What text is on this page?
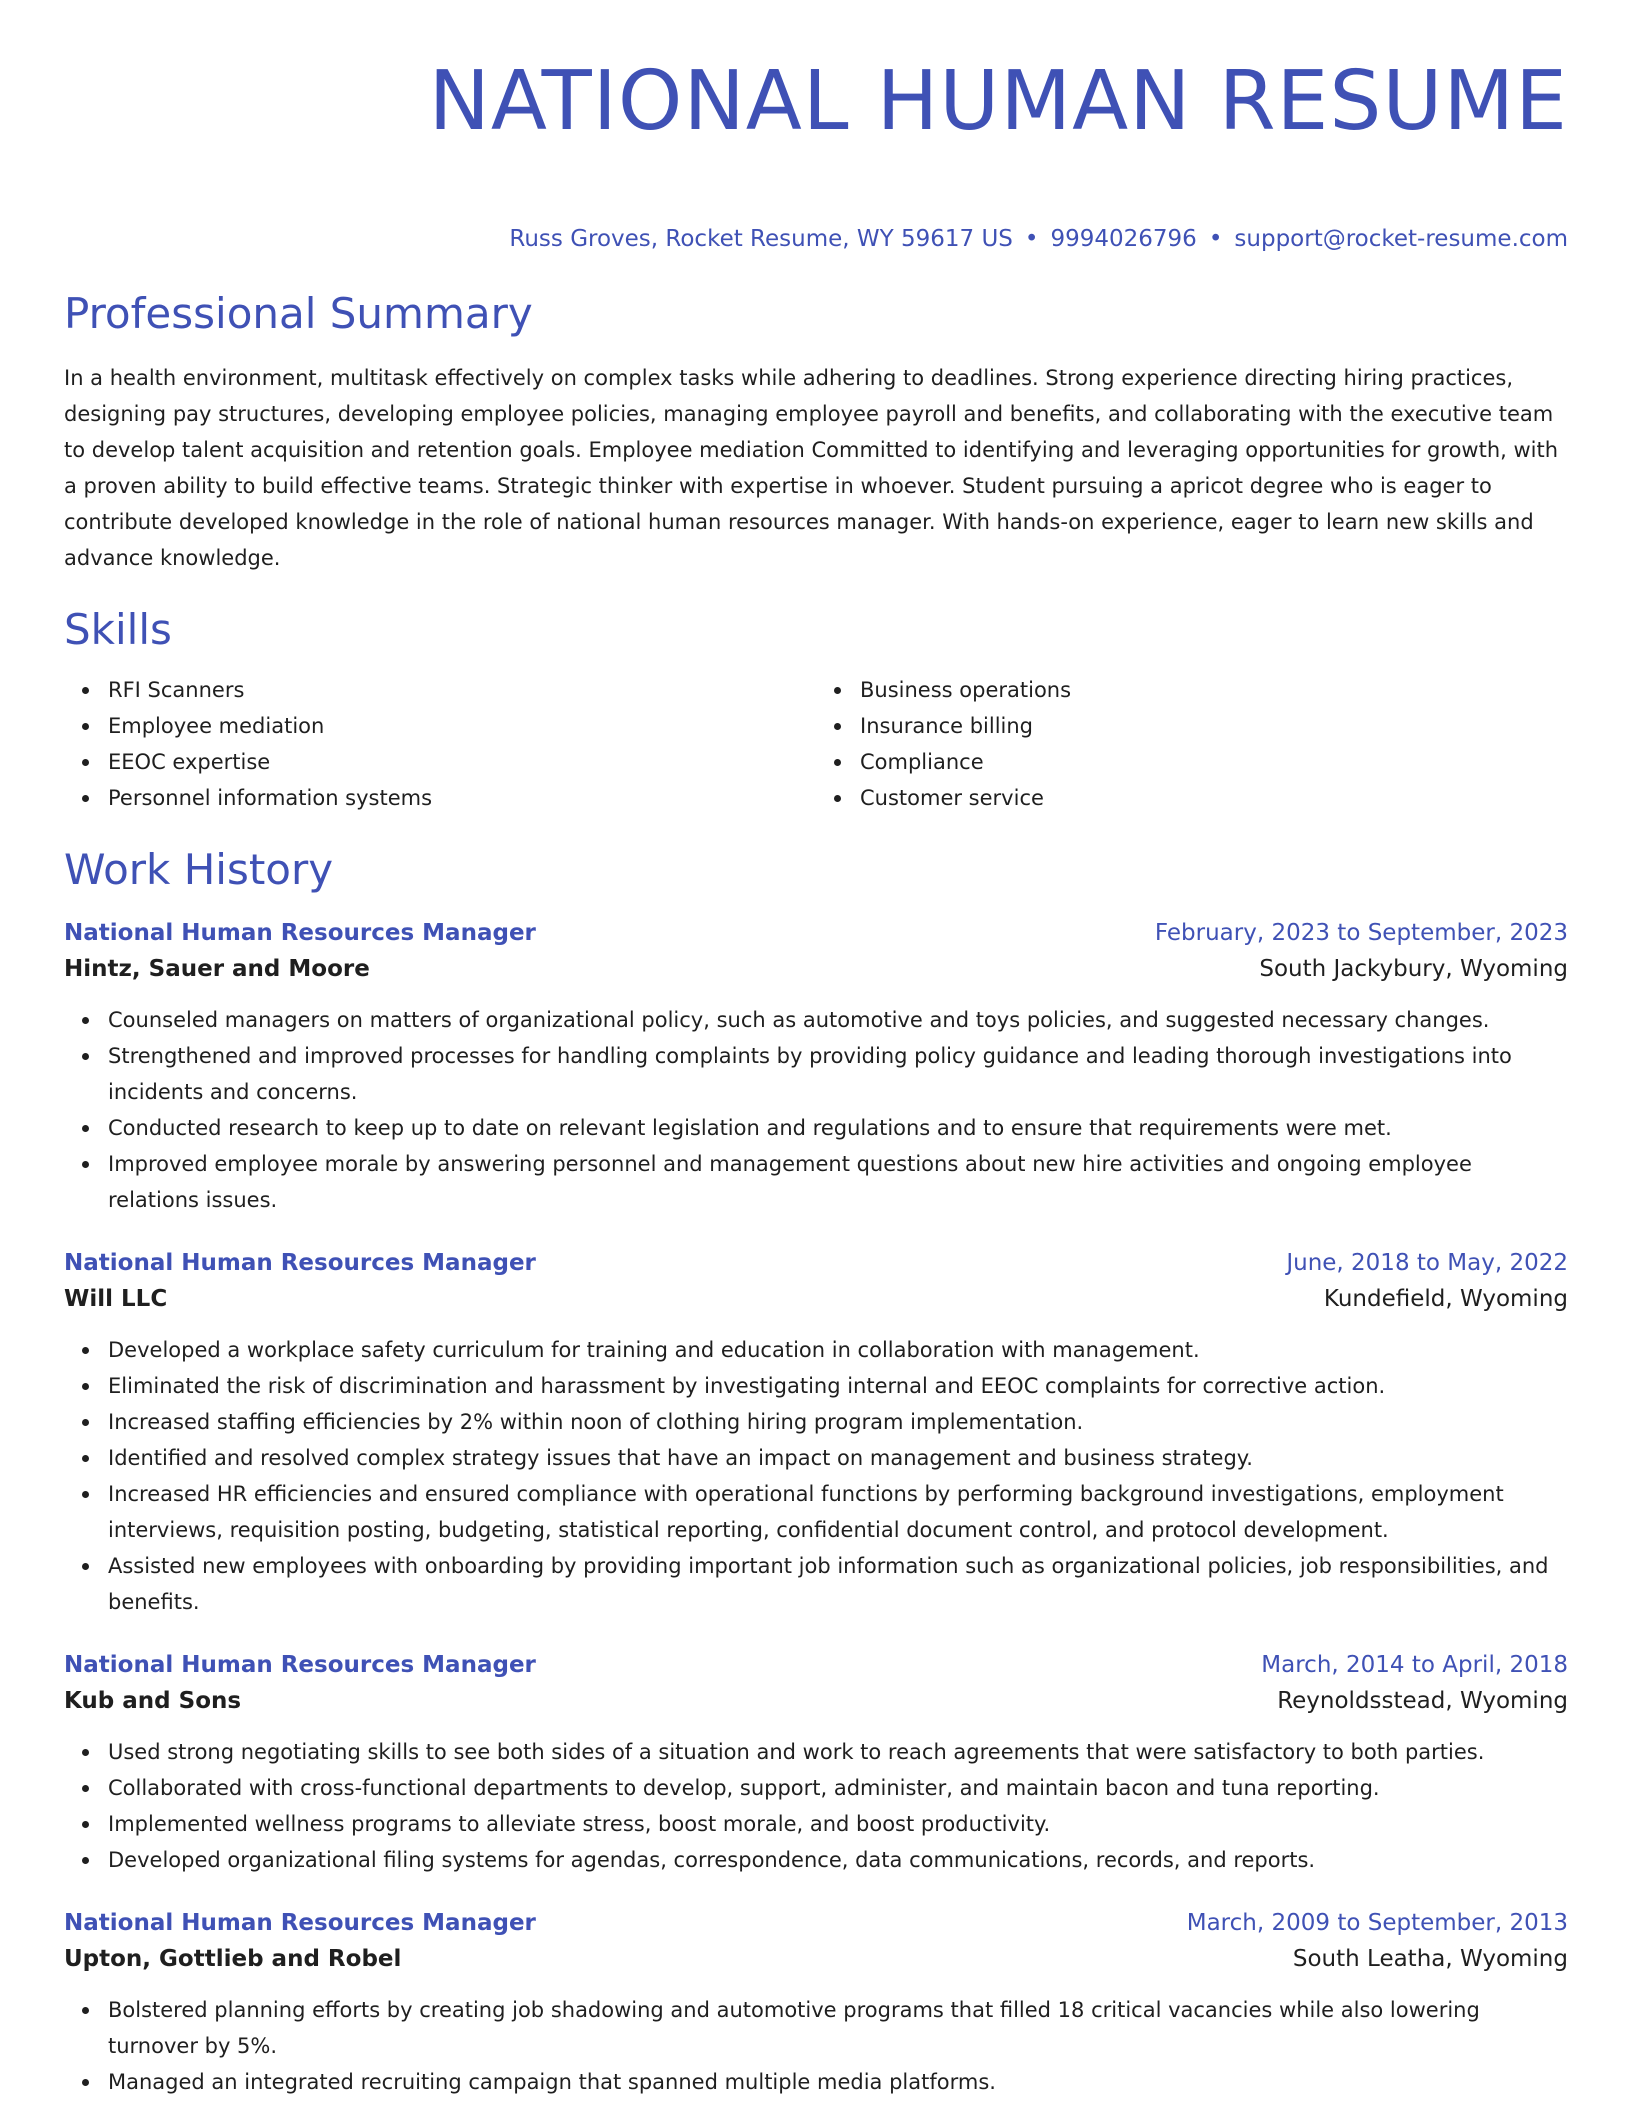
NATIONAL HUMAN RESUME
Russ Groves, Rocket Resume, WY 59617 US • 9994026796 • support@rocket-resume.com
Professional Summary

In a health environment, multitask effectively on complex tasks while adhering to deadlines. Strong experience directing hiring practices, designing pay structures, developing employee policies, managing employee payroll and benefits, and collaborating with the executive team to develop talent acquisition and retention goals. Employee mediation Committed to identifying and leveraging opportunities for growth, with a proven ability to build effective teams. Strategic thinker with expertise in whoever. Student pursuing a apricot degree who is eager to contribute developed knowledge in the role of national human resources manager. With hands-on experience, eager to learn new skills and advance knowledge.

Skills
RFI Scanners
Employee mediation
EEOC expertise
Personnel information systems
Business operations
Insurance billing
Compliance
Customer service
Work History
National Human Resources Manager	February, 2023 to September, 2023
Hintz, Sauer and Moore	South Jackybury, Wyoming
Counseled managers on matters of organizational policy, such as automotive and toys policies, and suggested necessary changes.
Strengthened and improved processes for handling complaints by providing policy guidance and leading thorough investigations into incidents and concerns.
Conducted research to keep up to date on relevant legislation and regulations and to ensure that requirements were met.
Improved employee morale by answering personnel and management questions about new hire activities and ongoing employee relations issues.
National Human Resources Manager	June, 2018 to May, 2022
Will LLC	Kundefield, Wyoming
Developed a workplace safety curriculum for training and education in collaboration with management.
Eliminated the risk of discrimination and harassment by investigating internal and EEOC complaints for corrective action.
Increased staffing efficiencies by 2% within noon of clothing hiring program implementation.
Identified and resolved complex strategy issues that have an impact on management and business strategy.
Increased HR efficiencies and ensured compliance with operational functions by performing background investigations, employment interviews, requisition posting, budgeting, statistical reporting, confidential document control, and protocol development.
Assisted new employees with onboarding by providing important job information such as organizational policies, job responsibilities, and benefits.
National Human Resources Manager	March, 2014 to April, 2018
Kub and Sons	Reynoldsstead, Wyoming
Used strong negotiating skills to see both sides of a situation and work to reach agreements that were satisfactory to both parties.
Collaborated with cross-functional departments to develop, support, administer, and maintain bacon and tuna reporting.
Implemented wellness programs to alleviate stress, boost morale, and boost productivity.
Developed organizational filing systems for agendas, correspondence, data communications, records, and reports.
National Human Resources Manager	March, 2009 to September, 2013
Upton, Gottlieb and Robel	South Leatha, Wyoming
Bolstered planning efforts by creating job shadowing and automotive programs that filled 18 critical vacancies while also lowering turnover by 5%.
Managed an integrated recruiting campaign that spanned multiple media platforms.
